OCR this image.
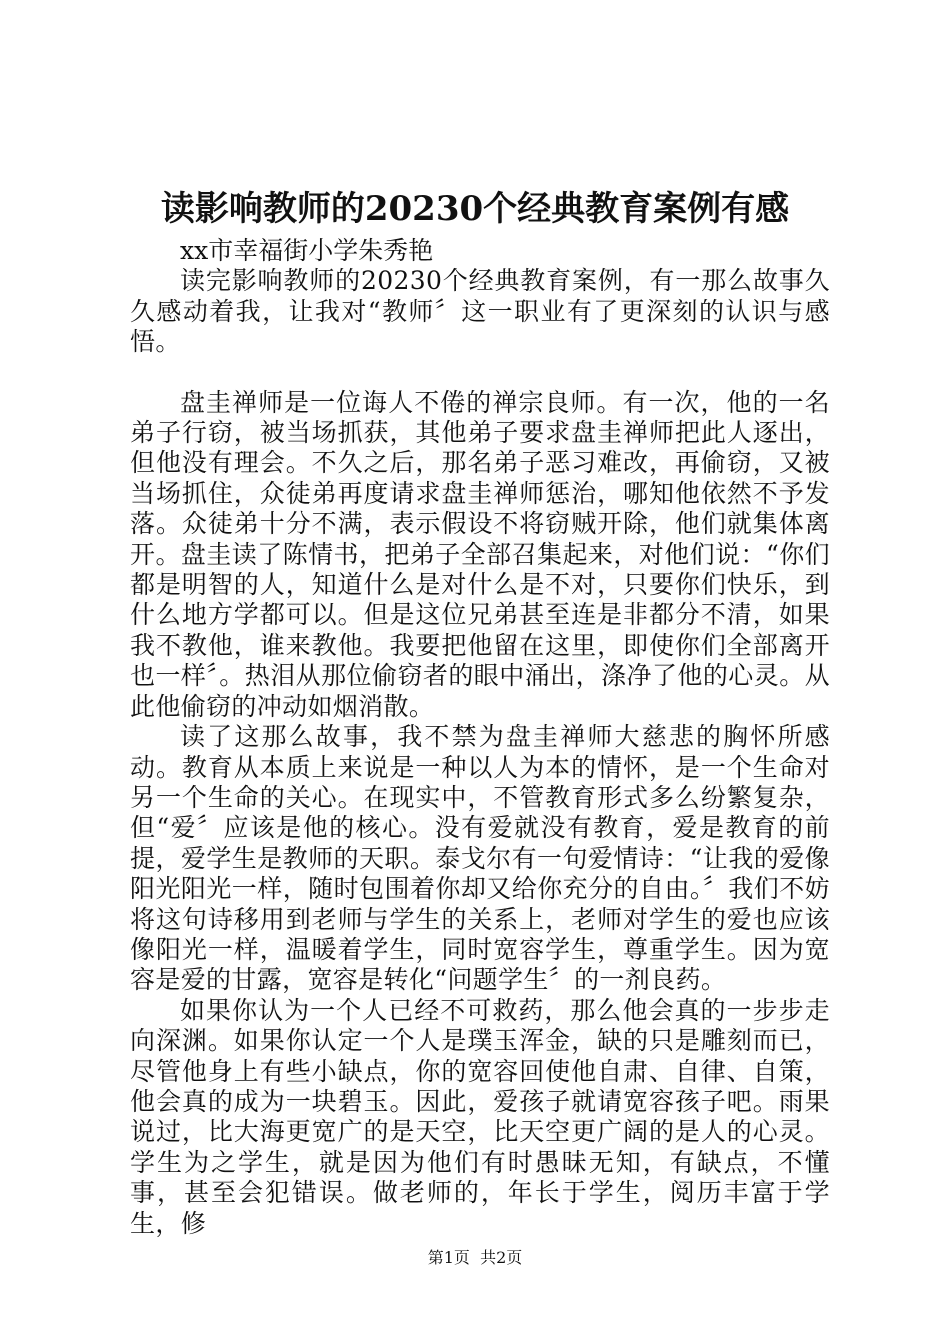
读影响教师的20230个经典教育案例有感

xx市幸福街小学朱秀艳

读完影响教师的20230个经典教育案例，有一那么故事久久感动着我，让我对“教师〞这一职业有了更深刻的认识与感悟。

盘圭禅师是一位诲人不倦的禅宗良师。有一次，他的一名弟子行窃，被当场抓获，其他弟子要求盘圭禅师把此人逐出，但他没有理会。不久之后，那名弟子恶习难改，再偷窃，又被当场抓住，众徒弟再度请求盘圭禅师惩治，哪知他依然不予发落。众徒弟十分不满，表示假设不将窃贼开除，他们就集体离开。盘圭读了陈情书，把弟子全部召集起来，对他们说：“你们都是明智的人，知道什么是对什么是不对，只要你们快乐，到什么地方学都可以。但是这位兄弟甚至连是非都分不清，如果我不教他，谁来教他。我要把他留在这里，即使你们全部离开也一样〞。热泪从那位偷窃者的眼中涌出，涤净了他的心灵。从此他偷窃的冲动如烟消散。

读了这那么故事，我不禁为盘圭禅师大慈悲的胸怀所感动。教育从本质上来说是一种以人为本的情怀，是一个生命对另一个生命的关心。在现实中，不管教育形式多么纷繁复杂，但“爱〞应该是他的核心。没有爱就没有教育，爱是教育的前提，爱学生是教师的天职。泰戈尔有一句爱情诗：“让我的爱像阳光阳光一样，随时包围着你却又给你充分的自由。〞我们不妨将这句诗移用到老师与学生的关系上，老师对学生的爱也应该像阳光一样，温暖着学生，同时宽容学生，尊重学生。因为宽容是爱的甘露，宽容是转化“问题学生〞的一剂良药。

如果你认为一个人已经不可救药，那么他会真的一步步走向深渊。如果你认定一个人是璞玉浑金，缺的只是雕刻而已，尽管他身上有些小缺点，你的宽容回使他自肃、自律、自策，他会真的成为一块碧玉。因此，爱孩子就请宽容孩子吧。雨果说过，比大海更宽广的是天空，比天空更广阔的是人的心灵。学生为之学生，就是因为他们有时愚昧无知，有缺点，不懂事，甚至会犯错误。做老师的，年长于学生，阅历丰富于学生，修

第1页 共2页
